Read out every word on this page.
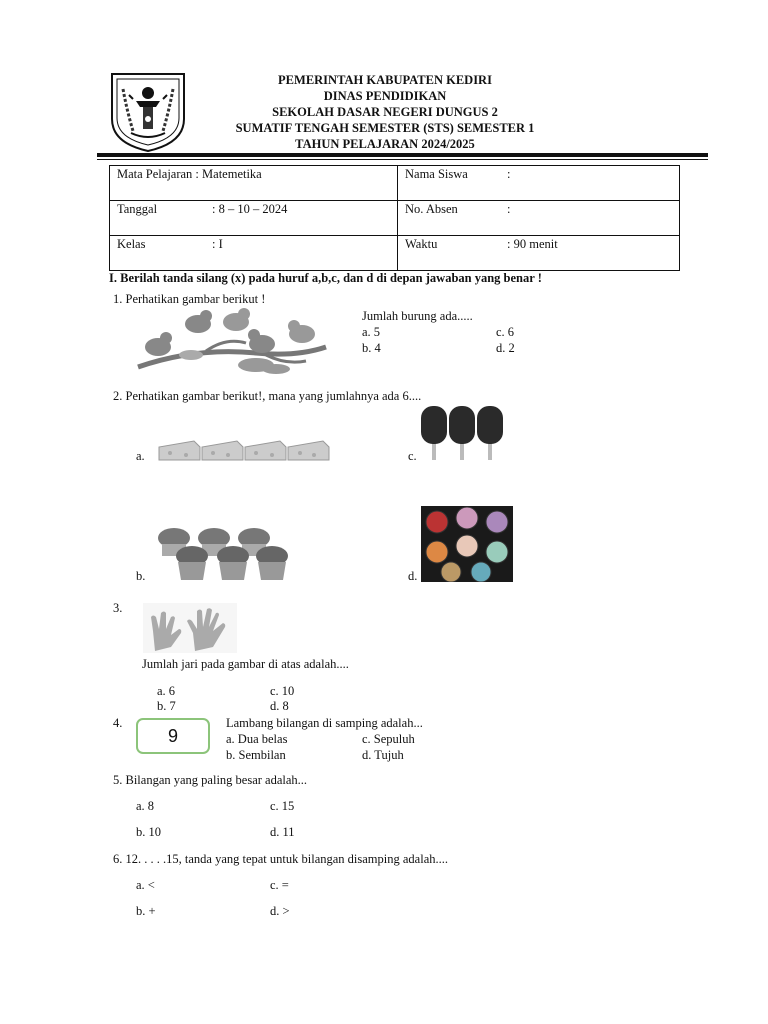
PEMERINTAH KABUPATEN KEDIRI
DINAS PENDIDIKAN
SEKOLAH DASAR NEGERI DUNGUS 2
SUMATIF TENGAH SEMESTER (STS) SEMESTER 1
TAHUN PELAJARAN 2024/2025
Mata Pelajaran : Matemetika	Nama Siswa :
Tanggal : 8 – 10 – 2024	No. Absen :
Kelas : I	Waktu : 90 menit
I. Berilah tanda silang (x) pada huruf a,b,c, dan d di depan jawaban yang benar !
1. Perhatikan gambar berikut !
Jumlah burung ada.....
a. 5
b. 4
c. 6
d. 2
2. Perhatikan gambar berikut!, mana yang jumlahnya ada 6....
a.	c.
b.	d.
3.
Jumlah jari pada gambar di atas adalah....
a. 6
b. 7
c. 10
d. 8
4.
9
Lambang bilangan di samping adalah...
a. Dua belas
b. Sembilan
c. Sepuluh
d. Tujuh
5. Bilangan yang paling besar adalah...
a. 8
b. 10
c. 15
d. 11
6. 12. . . . .15, tanda yang tepat untuk bilangan disamping adalah....
a. <
b. +
c. =
d. >
